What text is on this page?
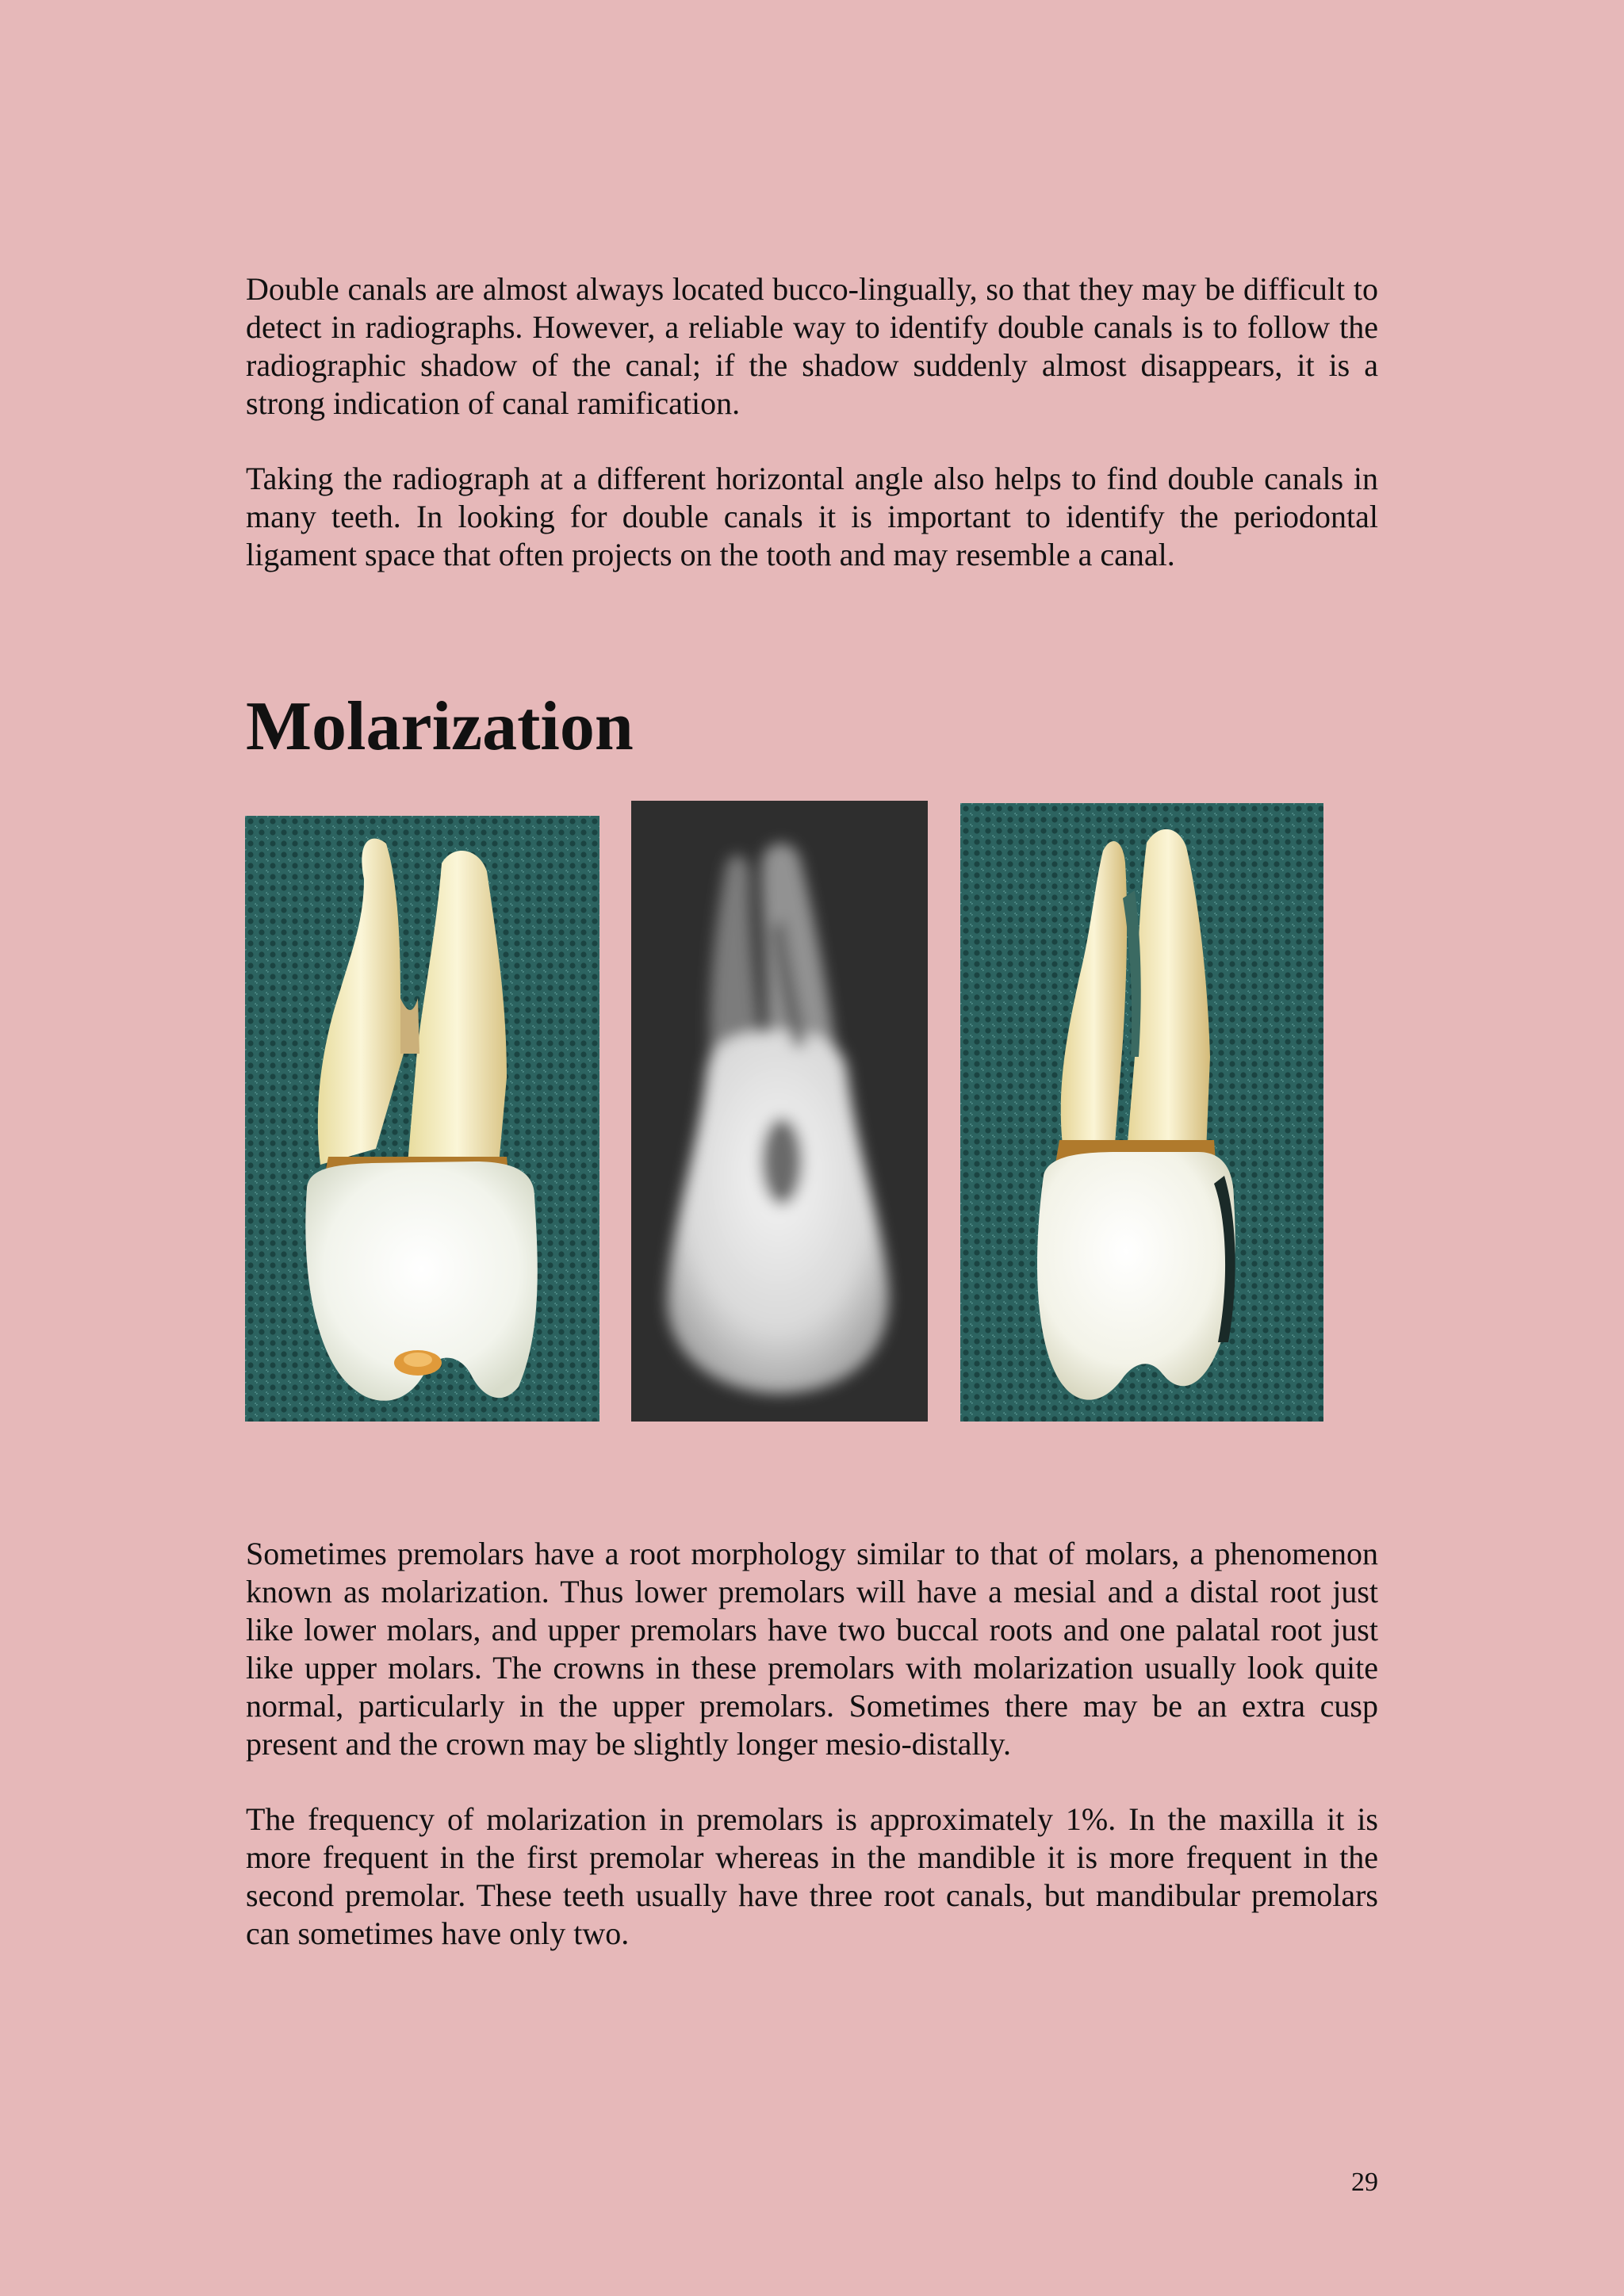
Double canals are almost always located bucco-lingually, so that they may be difficult to detect in radiographs. However, a reliable way to identify double canals is to follow the radiographic shadow of the canal; if the shadow suddenly almost disappears, it is a strong indication of canal ramification.

Taking the radiograph at a different horizontal angle also helps to find double canals in many teeth. In looking for double canals it is important to identify the periodontal ligament space that often projects on the tooth and may resemble a canal.

Molarization

Sometimes premolars have a root morphology similar to that of molars, a phenomenon known as molarization. Thus lower premolars will have a mesial and a distal root just like lower molars, and upper premolars have two buccal roots and one palatal root just like upper molars. The crowns in these premolars with molarization usually look quite normal, particularly in the upper premolars. Sometimes there may be an extra cusp present and the crown may be slightly longer mesio-distally.

The frequency of molarization in premolars is approximately 1%. In the maxilla it is more frequent in the first premolar whereas in the mandible it is more frequent in the second premolar. These teeth usually have three root canals, but mandibular premolars can sometimes have only two.

29
